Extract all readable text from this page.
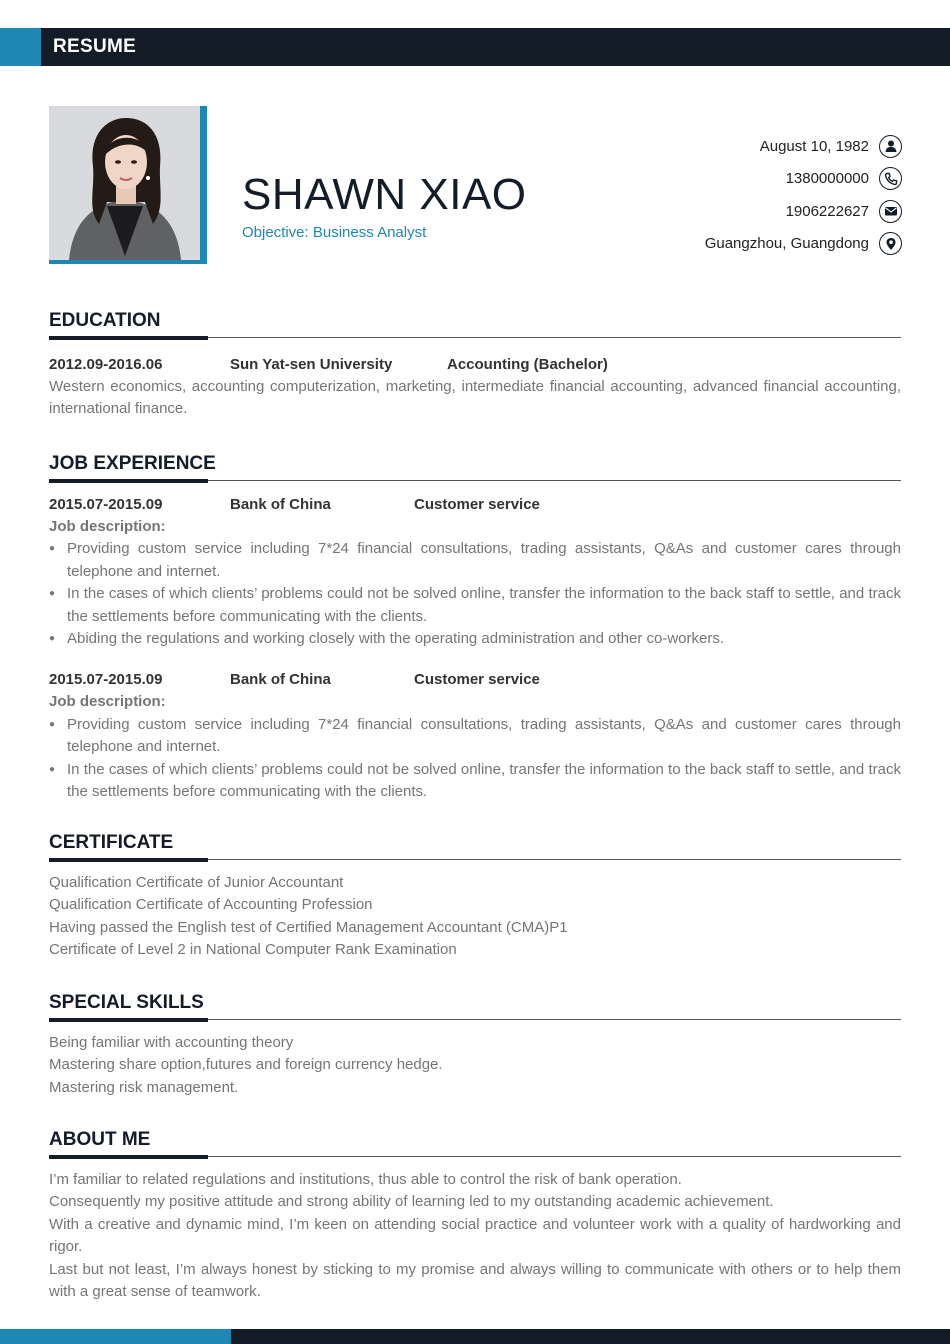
RESUME
SHAWN XIAO
Objective: Business Analyst
August 10, 1982
1380000000
1906222627
Guangzhou, Guangdong
EDUCATION
2012.09-2016.06	Sun Yat-sen University	Accounting (Bachelor)
Western economics, accounting computerization, marketing, intermediate financial accounting, advanced financial accounting, international finance.
JOB EXPERIENCE
2015.07-2015.09	Bank of China	Customer service
Job description:
● Providing custom service including 7*24 financial consultations, trading assistants, Q&As and customer cares through telephone and internet.
● In the cases of which clients’ problems could not be solved online, transfer the information to the back staff to settle, and track the settlements before communicating with the clients.
● Abiding the regulations and working closely with the operating administration and other co-workers.
2015.07-2015.09	Bank of China	Customer service
Job description:
● Providing custom service including 7*24 financial consultations, trading assistants, Q&As and customer cares through telephone and internet.
● In the cases of which clients’ problems could not be solved online, transfer the information to the back staff to settle, and track the settlements before communicating with the clients.
CERTIFICATE
Qualification Certificate of Junior Accountant
Qualification Certificate of Accounting Profession
Having passed the English test of Certified Management Accountant (CMA)P1
Certificate of Level 2 in National Computer Rank Examination
SPECIAL SKILLS
Being familiar with accounting theory
Mastering share option,futures and foreign currency hedge.
Mastering risk management.
ABOUT ME
I’m familiar to related regulations and institutions, thus able to control the risk of bank operation.
Consequently my positive attitude and strong ability of learning led to my outstanding academic achievement.
With a creative and dynamic mind, I’m keen on attending social practice and volunteer work with a quality of hardworking and rigor.
Last but not least, I’m always honest by sticking to my promise and always willing to communicate with others or to help them with a great sense of teamwork.
